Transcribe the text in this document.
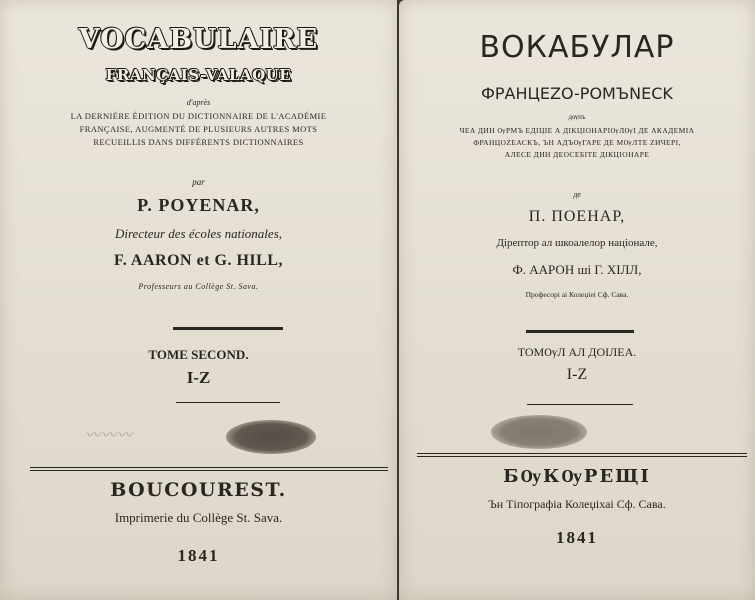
VOCABULAIRE
FRANÇAIS-VALAQUE
d'après
LA DERNIÈRE ÉDITION DU DICTIONNAIRE DE L'ACADÉMIE
FRANÇAISE, AUGMENTÉ DE PLUSIEURS AUTRES MOTS
RECUEILLIS DANS DIFFÉRENTS DICTIONNAIRES
par
P. POYENAR,
Directeur des écoles nationales,
F. AARON et G. HILL,
Professeurs au Collège St. Sava.
TOME SECOND.
I-Z
〰︎〰︎〰︎
BOUCOUREST.
Imprimerie du Collège St. Sava.
1841
ВОКАБУЛАР
ФРАНЦЕZO-РОМЪNECK
дѹпъ
ЧЕА ДИН ѸРМЪ ЕДІЦІЕ А ДІКЦІОНАРІѸЛѸІ ДЕ АКАДЕМІА
ФРАНЦОZЕАСКЪ, ЪН АДЪѸГАРЕ ДЕ МѸЛТЕ ZИЧЕРІ,
АЛЕСЕ ДИН ДЕОСЕБІТЕ ДІКЦІОНАРЕ
де
П. ПОЕНАР,
Дірептор ал шкоалелор націонале,
Ф. ААРОН ші Г. ХІЛЛ,
Професорі аі Колеџіеі Сф. Сава.
ТОМѸЛ АЛ ДОІЛЕА.
I-Z
БѸКѸРЕЩІ
Ън Тіпографіа Колеџіхаі Сф. Сава.
1841
